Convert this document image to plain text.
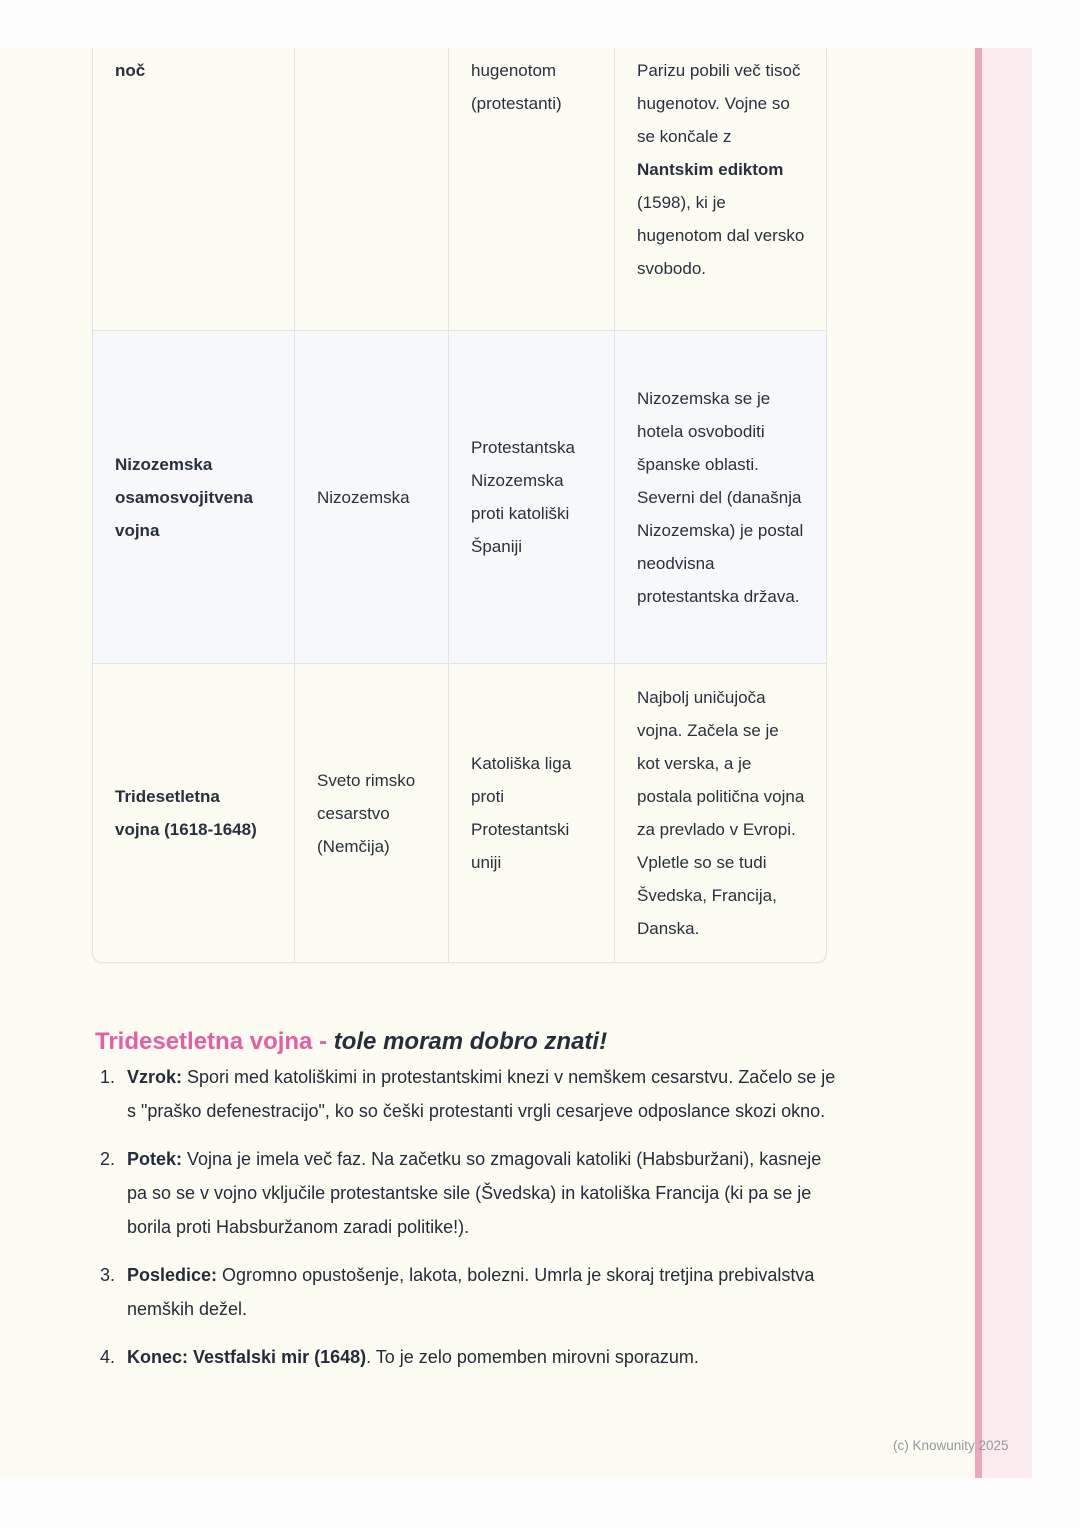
noč	hugenotom (protestanti)
Parizu pobili več tisoč hugenotov. Vojne so se končale z Nantskim ediktom (1598), ki je hugenotom dal versko svobodo.
Nizozemska osamosvojitvena vojna
Nizozemska
Protestantska Nizozemska proti katoliški Španiji
Nizozemska se je hotela osvoboditi španske oblasti. Severni del (današnja Nizozemska) je postal neodvisna protestantska država.
Tridesetletna vojna (1618-1648)
Sveto rimsko cesarstvo (Nemčija)
Katoliška liga proti Protestantski uniji
Najbolj uničujoča vojna. Začela se je kot verska, a je postala politična vojna za prevlado v Evropi. Vpletle so se tudi Švedska, Francija, Danska.
Tridesetletna vojna - tole moram dobro znati!
1. Vzrok: Spori med katoliškimi in protestantskimi knezi v nemškem cesarstvu. Začelo se je s "praško defenestracijo", ko so češki protestanti vrgli cesarjeve odposlance skozi okno.
2. Potek: Vojna je imela več faz. Na začetku so zmagovali katoliki (Habsburžani), kasneje pa so se v vojno vključile protestantske sile (Švedska) in katoliška Francija (ki pa se je borila proti Habsburžanom zaradi politike!).
3. Posledice: Ogromno opustošenje, lakota, bolezni. Umrla je skoraj tretjina prebivalstva nemških dežel.
4. Konec: Vestfalski mir (1648). To je zelo pomemben mirovni sporazum.
(c) Knowunity 2025
